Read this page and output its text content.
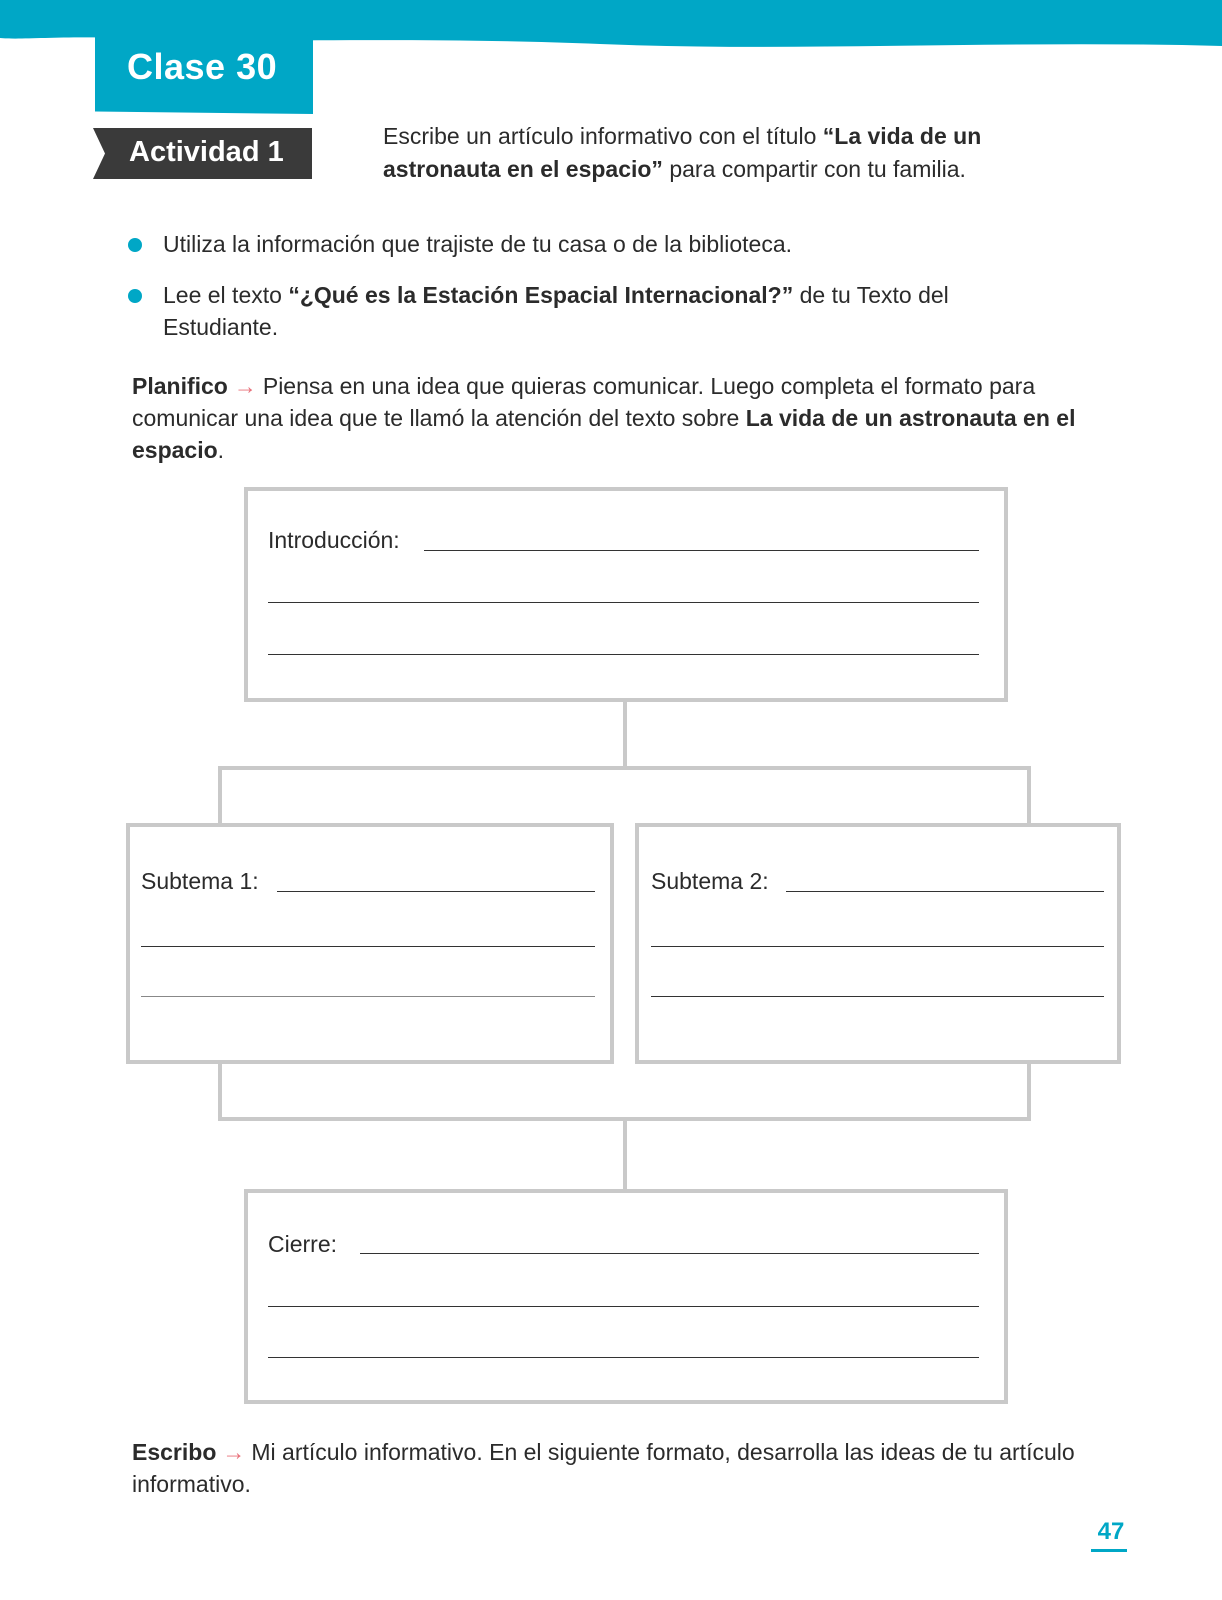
Clase 30
Actividad 1	Escribe un artículo informativo con el título “La vida de un astronauta en el espacio” para compartir con tu familia.
Utiliza la información que trajiste de tu casa o de la biblioteca.
Lee el texto “¿Qué es la Estación Espacial Internacional?” de tu Texto del Estudiante.
Planifico → Piensa en una idea que quieras comunicar. Luego completa el formato para comunicar una idea que te llamó la atención del texto sobre La vida de un astronauta en el espacio.
Introducción:
Subtema 1:	Subtema 2:
Cierre:
Escribo → Mi artículo informativo. En el siguiente formato, desarrolla las ideas de tu artículo informativo.
47
